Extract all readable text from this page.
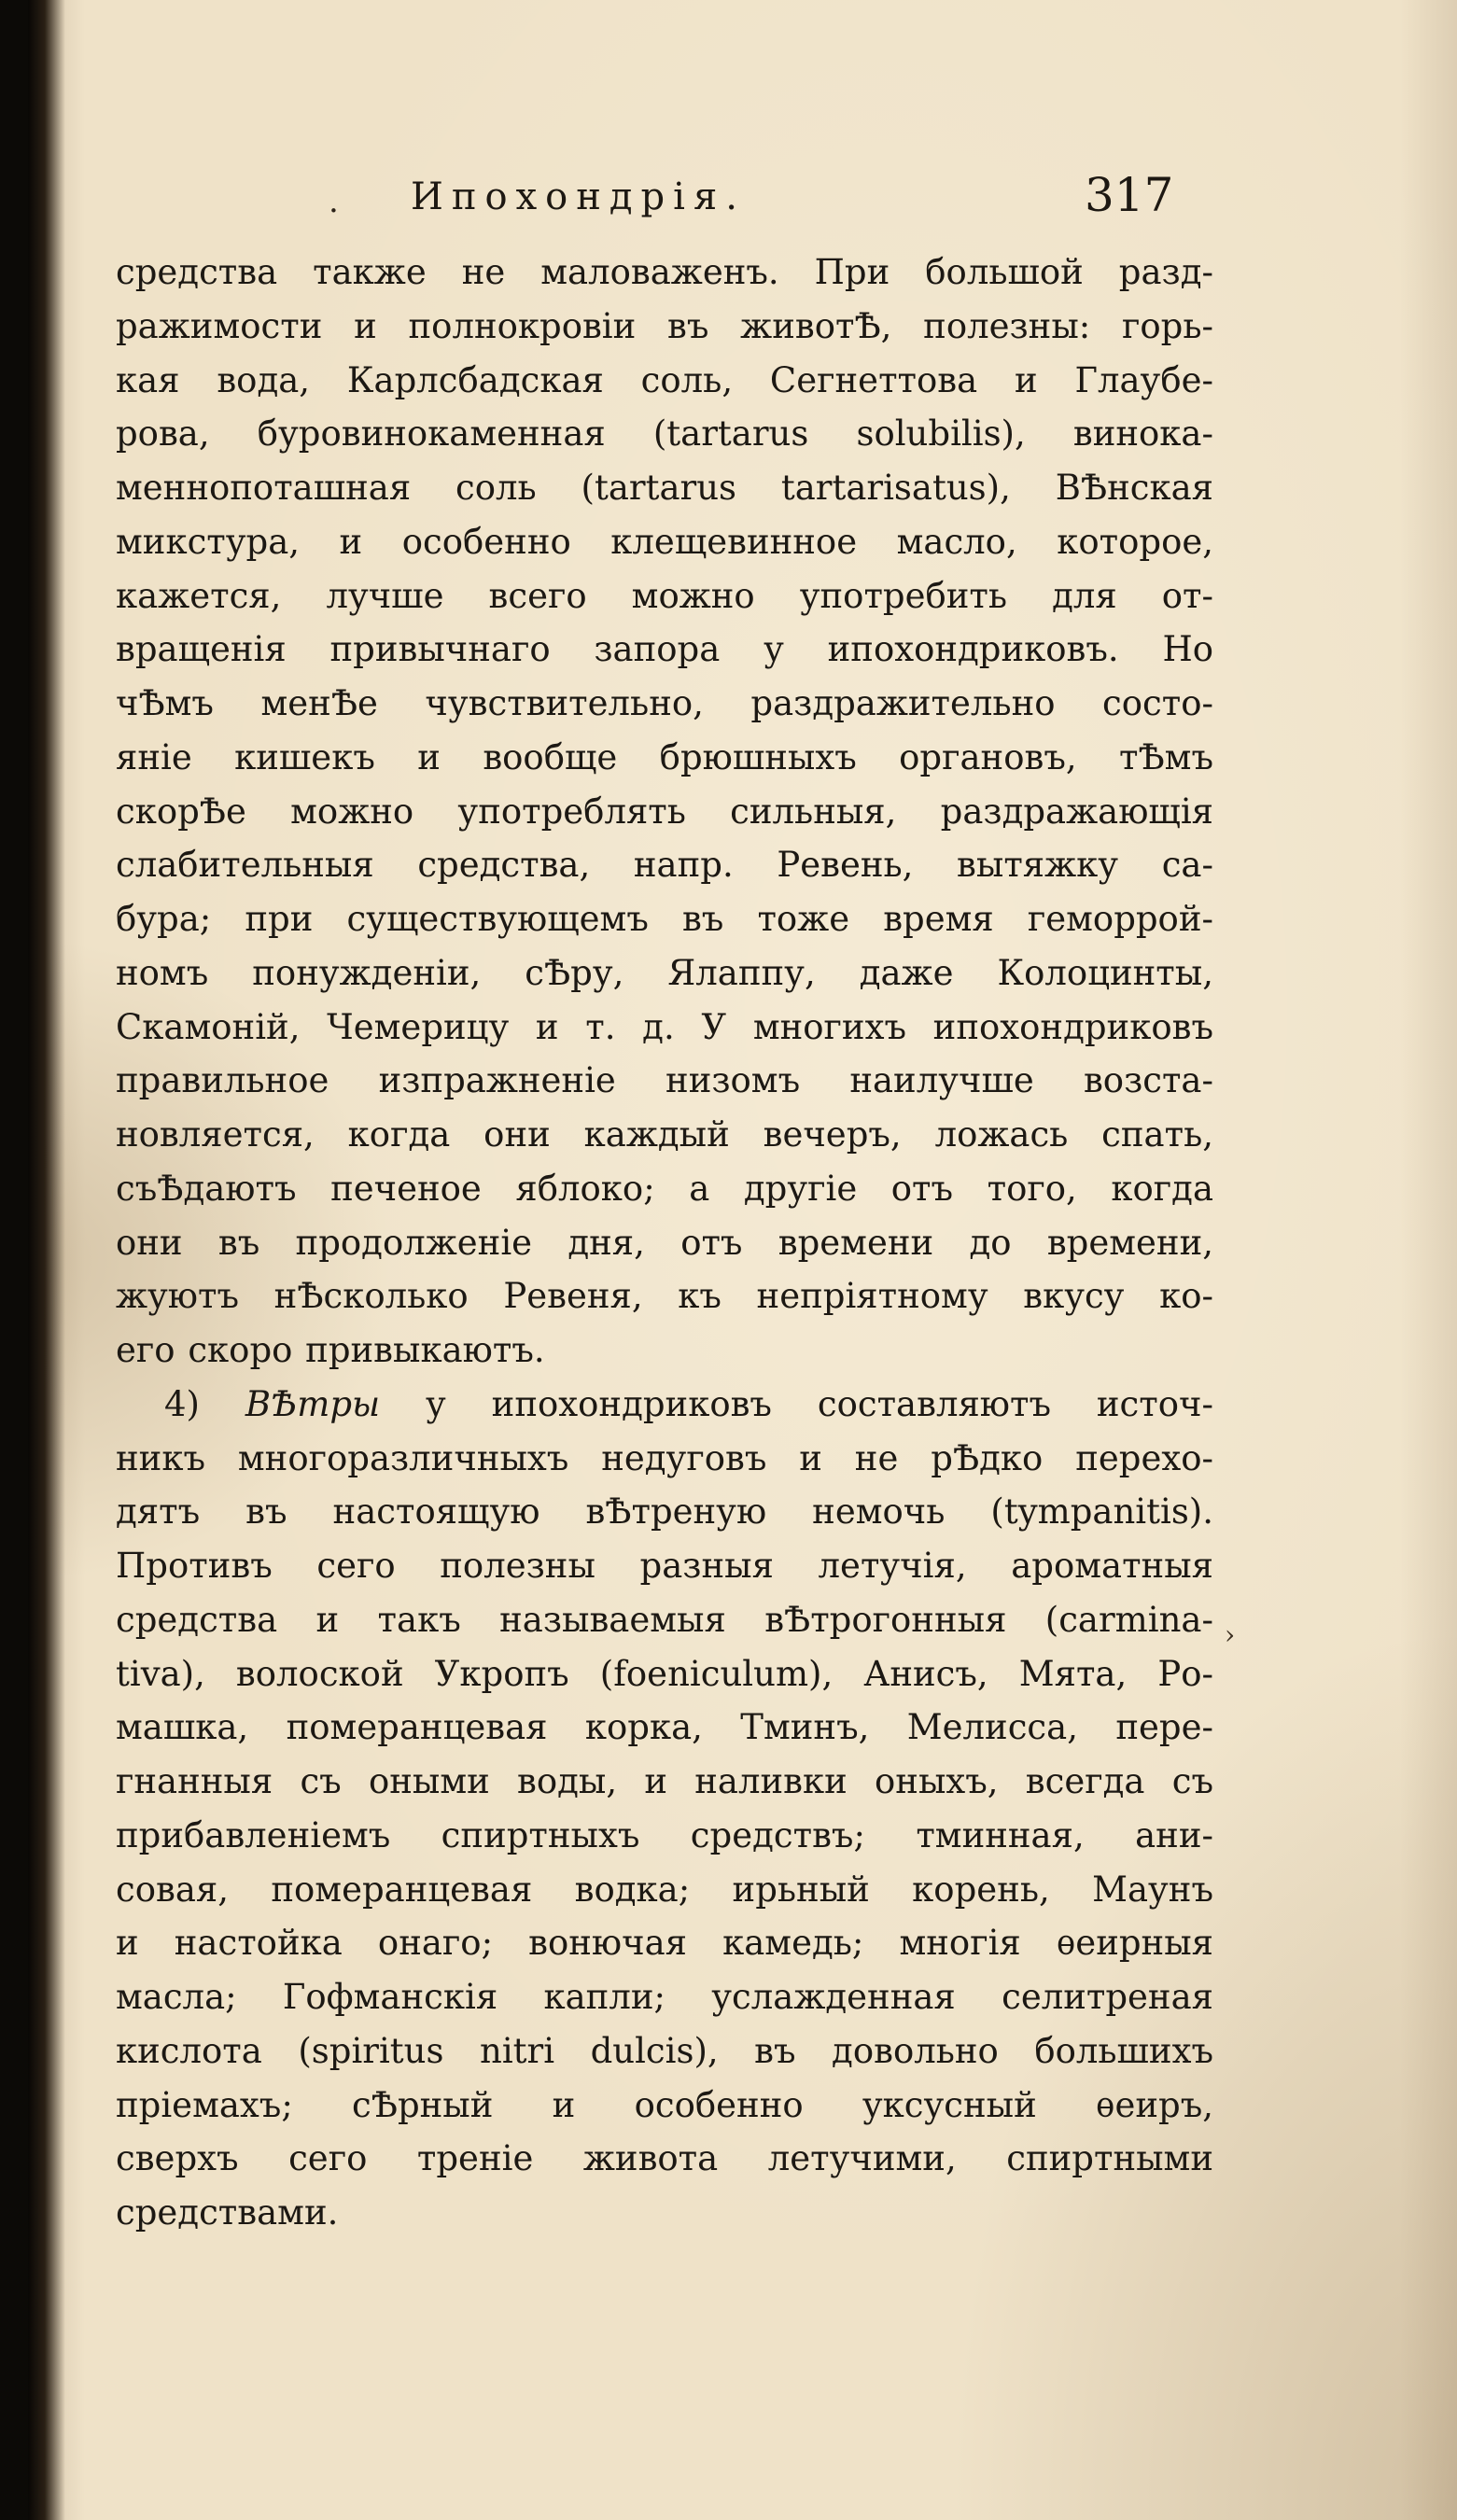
. Ипохондрія.	317
средства также не маловаженъ. При большой разд-
ражимости и полнокровіи въ животѢ, полезны: горь-
кая вода, Карлсбадская соль, Сегнеттова и Глаубе-
рова, буровинокаменная (tartarus solubilis), винока-
меннопоташная соль (tartarus tartarisatus), ВѢнская
микстура, и особенно клещевинное масло, которое,
кажется, лучше всего можно употребить для от-
вращенія привычнаго запора у ипохондриковъ. Но
чѢмъ менѢе чувствительно, раздражительно состо-
яніе кишекъ и вообще брюшныхъ органовъ, тѢмъ
скорѢе можно употреблять сильныя, раздражающія
слабительныя средства, напр. Ревень, вытяжку са-
бура; при существующемъ въ тоже время геморрой-
номъ понужденіи, сѢру, Ялаппу, даже Колоцинты,
Скамоній, Чемерицу и т. д. У многихъ ипохондриковъ
правильное изпражненіе низомъ наилучше возста-
новляется, когда они каждый вечеръ, ложась спать,
съѢдаютъ печеное яблоко; а другіе отъ того, когда
они въ продолженіе дня, отъ времени до времени,
жуютъ нѢсколько Ревеня, къ непріятному вкусу ко-
его скоро привыкаютъ.
4) ВѢтры у ипохондриковъ составляютъ источ-
никъ многоразличныхъ недуговъ и не рѢдко перехо-
дятъ въ настоящую вѢтреную немочь (tympanitis).
Противъ сего полезны разныя летучія, ароматныя
средства и такъ называемыя вѢтрогонныя (carmina-
tiva), волоской Укропъ (foeniculum), Анисъ, Мята, Ро-
машка, померанцевая корка, Тминъ, Мелисса, пере-
гнанныя съ оными воды, и наливки оныхъ, всегда съ
прибавленіемъ спиртныхъ средствъ; тминная, ани-
совая, померанцевая водка; ирьный корень, Маунъ
и настойка онаго; вонючая камедь; многія ѳеирныя
масла; Гофманскія капли; услажденная селитреная
кислота (spiritus nitri dulcis), въ довольно большихъ
пріемахъ; сѢрный и особенно уксусный ѳеиръ,
сверхъ сего треніе живота летучими, спиртными
средствами.
›
